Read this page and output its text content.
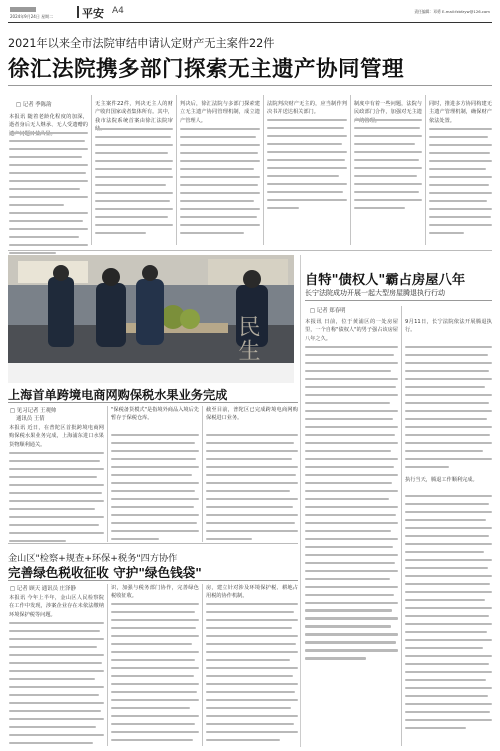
2024年9月24日 星期二	平安 A4	责任编辑：邓勇 E-mail:fzbfzyw@126.com
2021年以来全市法院审结申请认定财产无主案件22件
徐汇法院携多部门探索无主遗产协同管理
□ 记者 季陈韵
本报讯 随着老龄化程度的加深，逝者身后无人继承、无人受遗赠的
无主案件22件，判决无主人的财产收归国家或者集体所有。其中，我市法院系统首案由徐汇法院审
判决后，徐汇法院与多部门探索建立无主遗产协同管理机制，成立遗产管理人。
法院判决财产无主的，应当制作判决书并送达相关部门。
制度中有着一些问题，法院与民政部门合作，加强对无主遗
同时，推进多方协同构建无主遗产管理机制，确保财产依法处置。
民生
自特"债权人"霸占房屋八年
长宁法院成功开展一起大型房屋腾退执行行动
□ 记者 郑春明
本报讯 日前，位于黄浦区的一处房屋里，一个自称"债权人"的男子强占该房屋八年之久。
9月11日，长宁法院依法开展腾退执行。
执行当天，腾退工作顺利完成。
上海首单跨境电商网购保税水果业务完成
□ 见习记者 王观帅
通讯员 王倩
本报讯 近日，在普陀区首批跨境电商网购保税水果业务完成，上海浦东进口水果货物顺利通关。
"保税备货模式"是指境外商品入境后先暂存于保税仓库。
截至目前，普陀区已完成跨境电商网购保税进口业务。
金山区"检察+规查+环保+税务"四方协作
完善绿色税收征收 守护"绿色钱袋"
□ 记者 顾天 通讯员 庄泽静
本报讯 今年上半年，金山区人民检察院在工作中发现，涉案企业存在未依法缴纳环境保护税等问题。
识，加强与税务部门协作，完善绿色税收征收。
房，建立针对涉及环境保护税、耕地占用税的协作机制。
